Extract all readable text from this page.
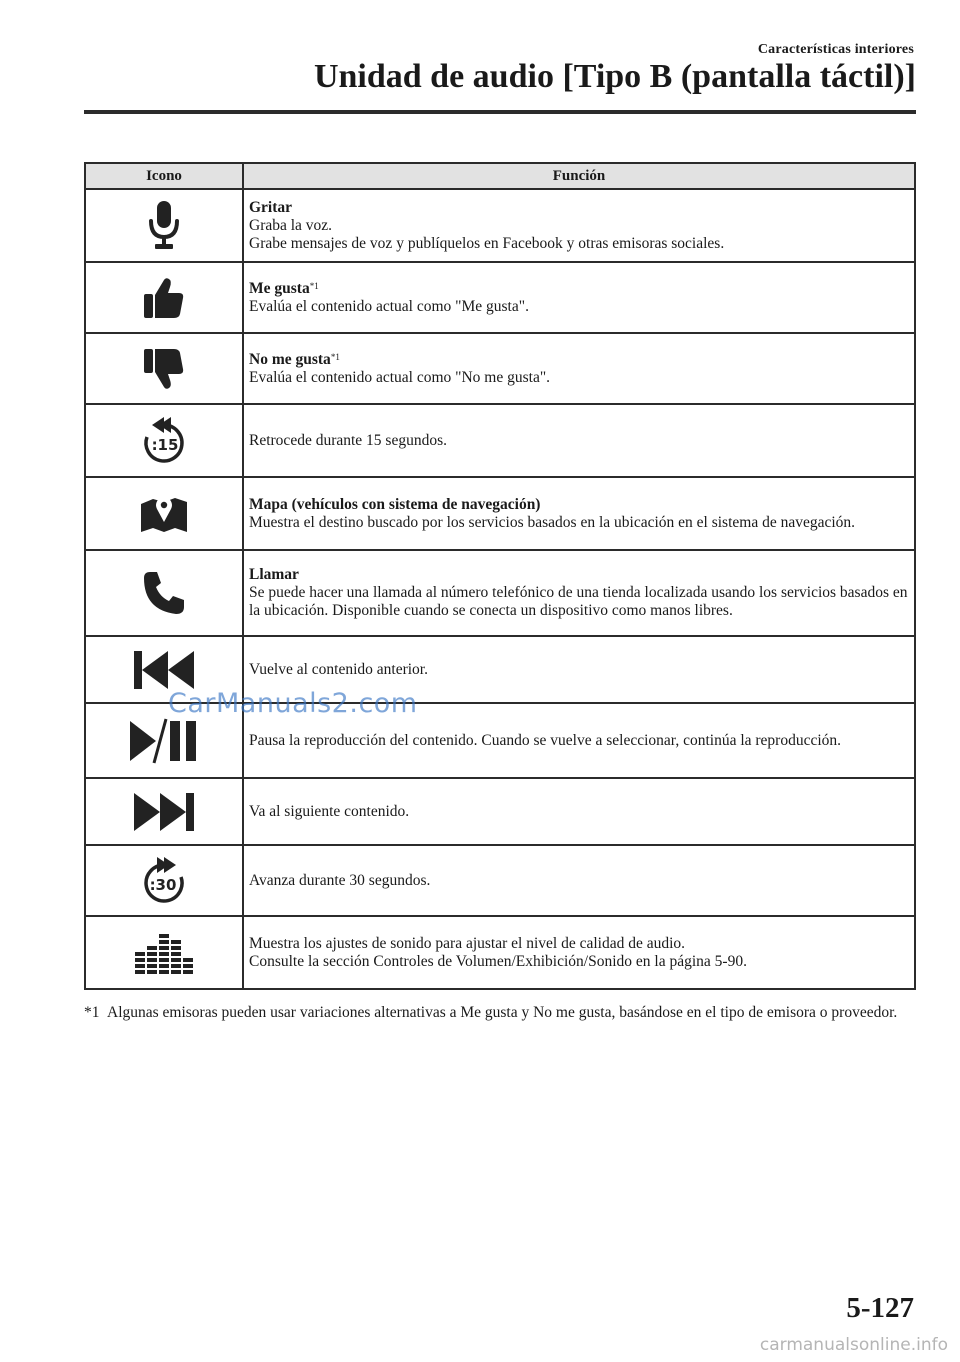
Características interiores
Unidad de audio [Tipo B (pantalla táctil)]
Icono	Función

Gritar
Graba la voz.
Grabe mensajes de voz y publíquelos en Facebook y otras emisoras sociales.

Me gusta$^{*1}$
Evalúa el contenido actual como "Me gusta".

No me gusta$^{*1}$
Evalúa el contenido actual como "No me gusta".

:15	Retrocede durante 15 segundos.

Mapa (vehículos con sistema de navegación)
Muestra el destino buscado por los servicios basados en la ubicación en el sistema de navegación.

Llamar
Se puede hacer una llamada al número telefónico de una tienda localizada usando los servicios basados en la ubicación. Disponible cuando se conecta un dispositivo como manos libres.

Vuelve al contenido anterior.

Pausa la reproducción del contenido. Cuando se vuelve a seleccionar, continúa la reproducción.

Va al siguiente contenido.

:30	Avanza durante 30 segundos.

Muestra los ajustes de sonido para ajustar el nivel de calidad de audio.
Consulte la sección Controles de Volumen/Exhibición/Sonido en la página 5-90.
*1 Algunas emisoras pueden usar variaciones alternativas a Me gusta y No me gusta, basándose en el tipo de emisora o proveedor.
CarManuals2.com
5-127
carmanualsonline.info
